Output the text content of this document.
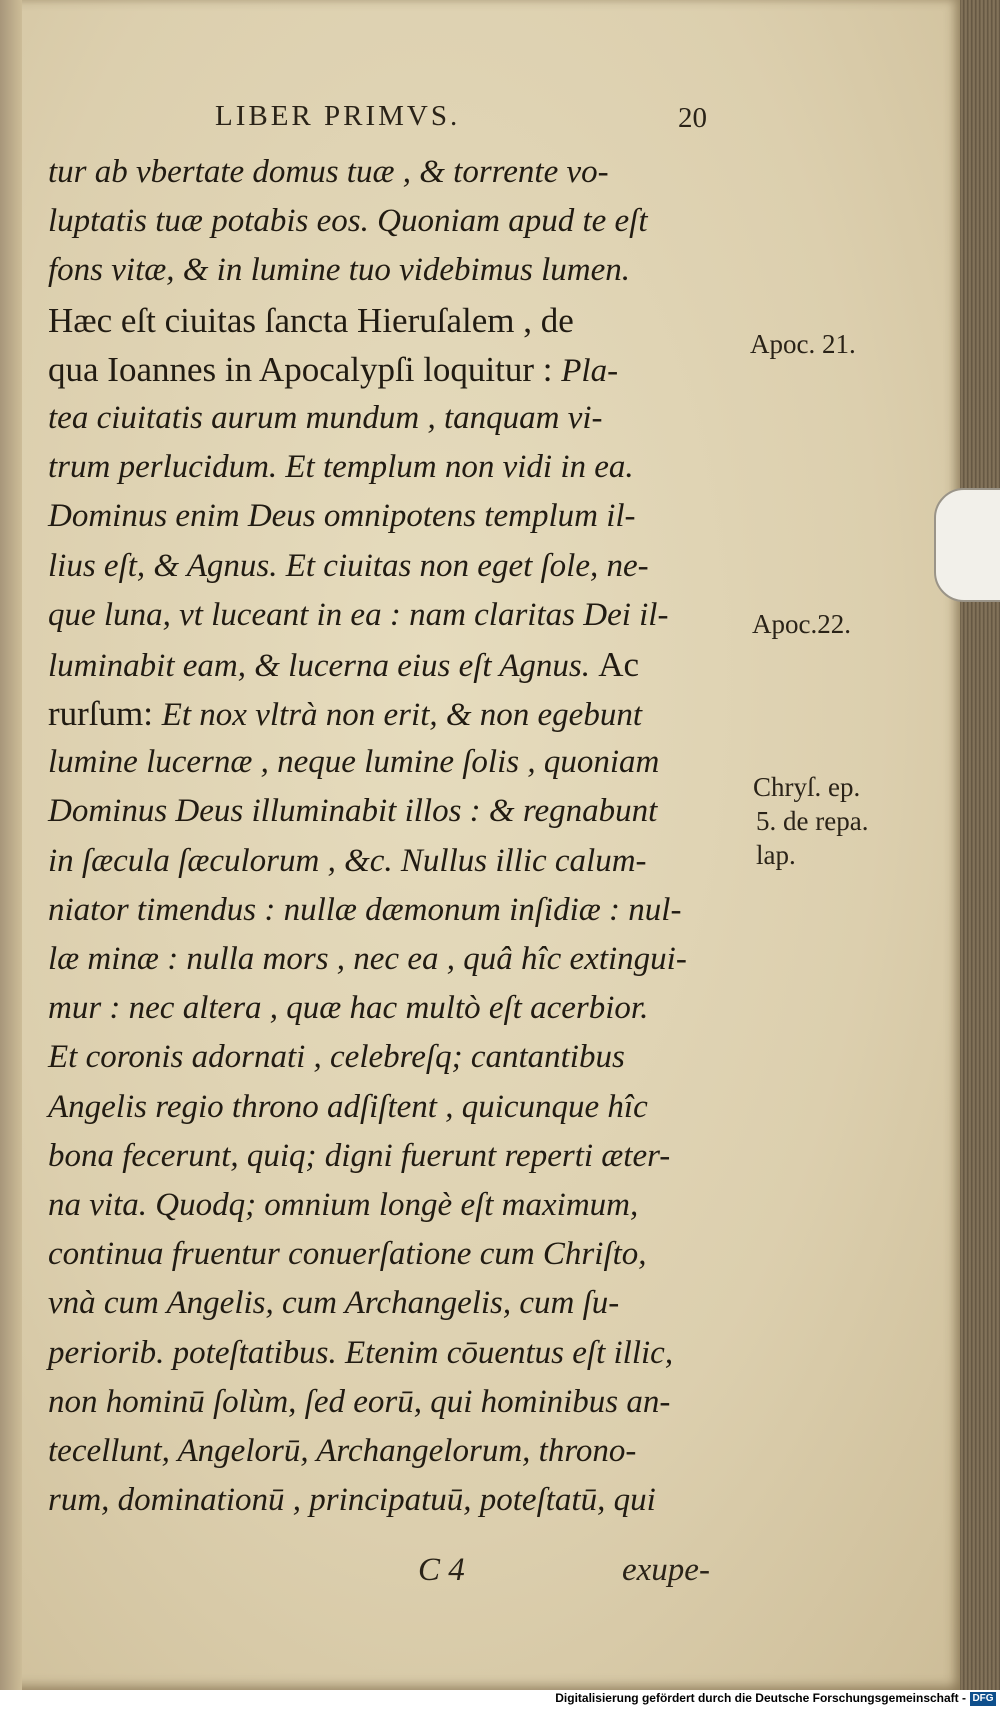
LIBER PRIMVS.	20
tur ab vbertate domus tuæ , & torrente vo-
luptatis tuæ potabis eos. Quoniam apud te eſt
fons vitæ, & in lumine tuo videbimus lumen.
Hæc eſt ciuitas ſancta Hieruſalem , de
qua Ioannes in Apocalypſi loquitur : Pla-
tea ciuitatis aurum mundum , tanquam vi-
trum perlucidum. Et templum non vidi in ea.
Dominus enim Deus omnipotens templum il-
lius eſt, & Agnus. Et ciuitas non eget ſole, ne-
que luna, vt luceant in ea : nam claritas Dei il-
luminabit eam, & lucerna eius eſt Agnus. Ac
rurſum: Et nox vltrà non erit, & non egebunt
lumine lucernæ , neque lumine ſolis , quoniam
Dominus Deus illuminabit illos : & regnabunt
in ſæcula ſæculorum , &c. Nullus illic calum-
niator timendus : nullæ dæmonum inſidiæ : nul-
læ minæ : nulla mors , nec ea , quâ hîc extingui-
mur : nec altera , quæ hac multò eſt acerbior.
Et coronis adornati , celebreſq; cantantibus
Angelis regio throno adſiſtent , quicunque hîc
bona fecerunt, quiq; digni fuerunt reperti æter-
na vita. Quodq; omnium longè eſt maximum,
continua fruentur conuerſatione cum Chriſto,
vnà cum Angelis, cum Archangelis, cum ſu-
periorib. poteſtatibus. Etenim cōuentus eſt illic,
non hominū ſolùm, ſed eorū, qui hominibus an-
tecellunt, Angelorū, Archangelorum, throno-
rum, dominationū , principatuū, poteſtatū, qui
Apoc. 21.
Apoc.22.
Chryſ. ep.
5. de repa.
lap.
C 4	exupe-
Digitalisierung gefördert durch die Deutsche Forschungsgemeinschaft - DFG
